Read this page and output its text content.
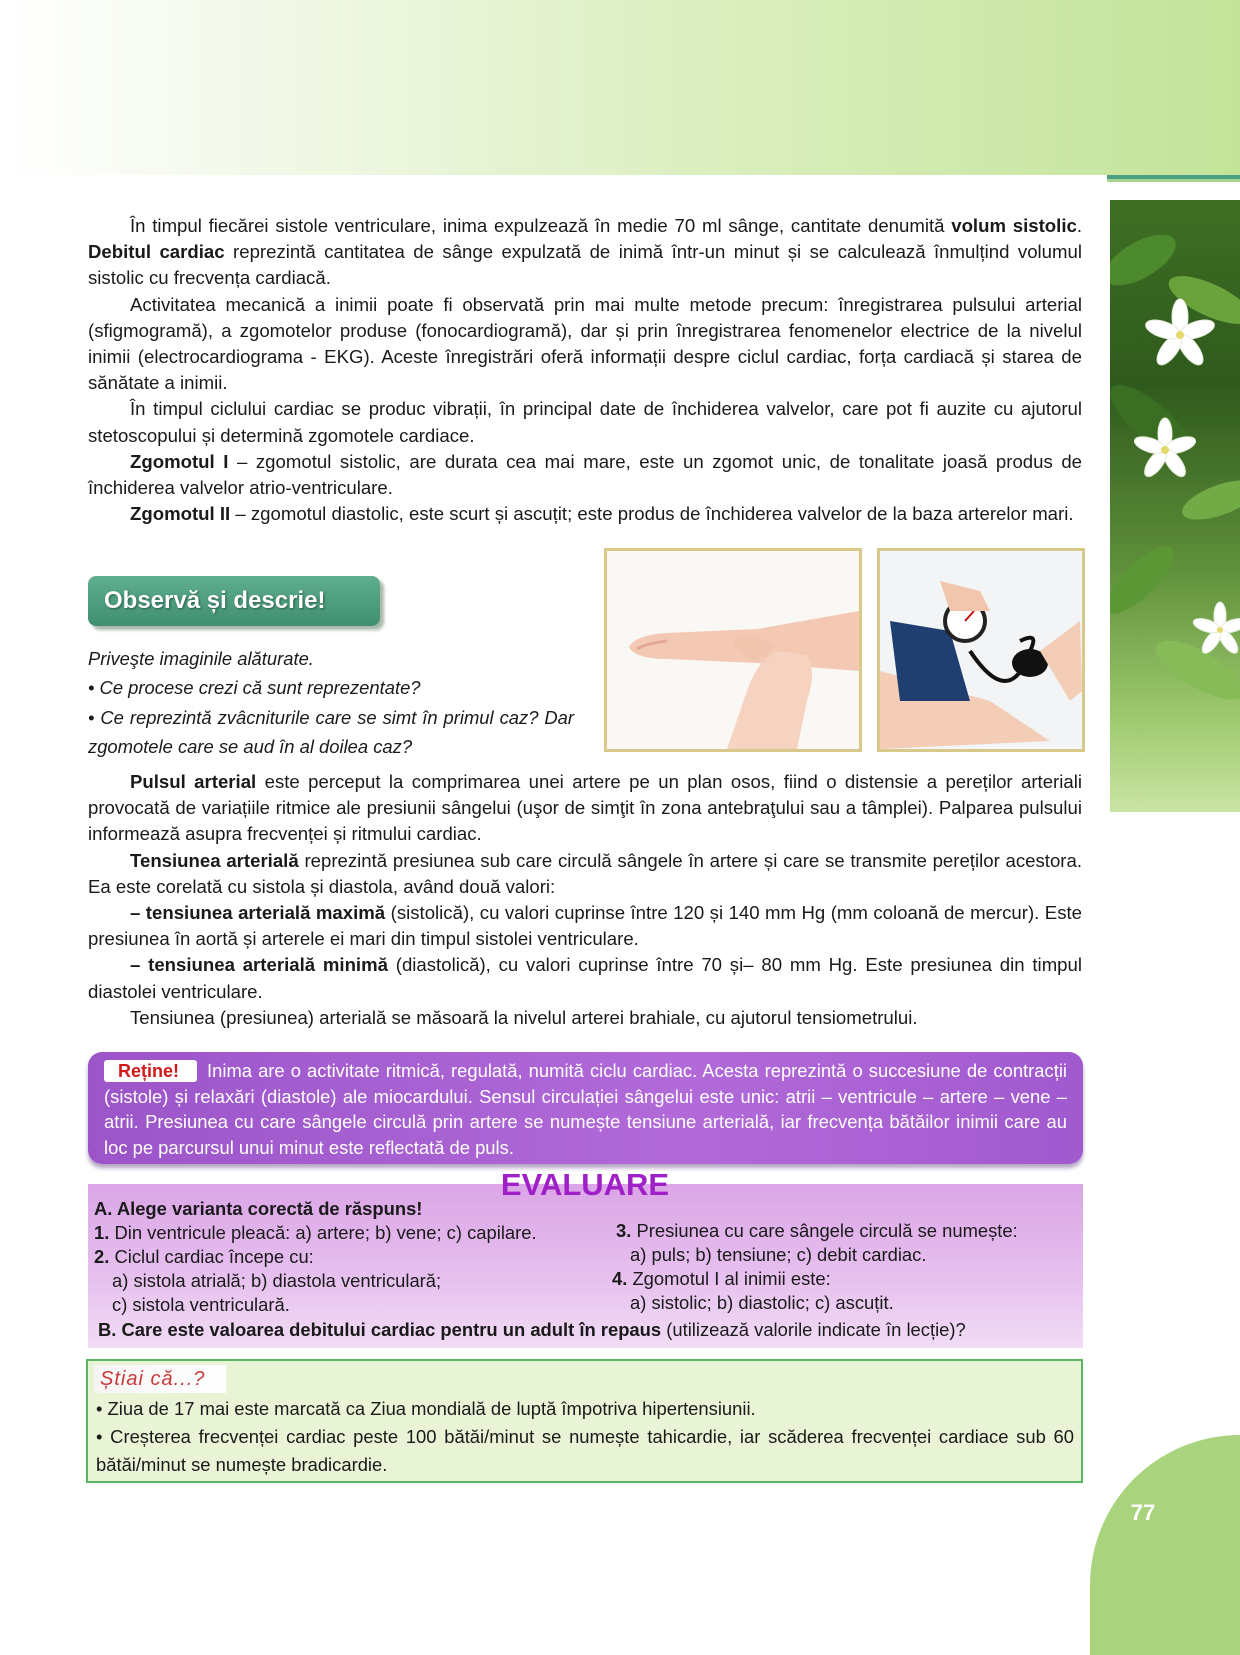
77

În timpul fiecărei sistole ventriculare, inima expulzează în medie 70 ml sânge, cantitate denumită volum sistolic. Debitul cardiac reprezintă cantitatea de sânge expulzată de inimă într-un minut și se calculează înmulțind volumul sistolic cu frecvența cardiacă.

Activitatea mecanică a inimii poate fi observată prin mai multe metode precum: înregistrarea pulsului arterial (sfigmogramă), a zgomotelor produse (fonocardiogramă), dar și prin înregistrarea fenomenelor electrice de la nivelul inimii (electrocardiograma - EKG). Aceste înregistrări oferă informații despre ciclul cardiac, forța cardiacă și starea de sănătate a inimii.

În timpul ciclului cardiac se produc vibrații, în principal date de închiderea valvelor, care pot fi auzite cu ajutorul stetoscopului și determină zgomotele cardiace.

Zgomotul I – zgomotul sistolic, are durata cea mai mare, este un zgomot unic, de tonalitate joasă produs de închiderea valvelor atrio-ventriculare.

Zgomotul II – zgomotul diastolic, este scurt și ascuțit; este produs de închiderea valvelor de la baza arterelor mari.

Observă și descrie!
Priveşte imaginile alăturate.
• Ce procese crezi că sunt reprezentate?
• Ce reprezintă zvâcniturile care se simt în primul caz? Dar zgomotele care se aud în al doilea caz?

Pulsul arterial este perceput la comprimarea unei artere pe un plan osos, fiind o distensie a pereților arteriali provocată de variațiile ritmice ale presiunii sângelui (uşor de simţit în zona antebraţului sau a tâmplei). Palparea pulsului informează asupra frecvenței și ritmului cardiac.

Tensiunea arterială reprezintă presiunea sub care circulă sângele în artere și care se transmite pereților acestora. Ea este corelată cu sistola și diastola, având două valori:

– tensiunea arterială maximă (sistolică), cu valori cuprinse între 120 și 140 mm Hg (mm coloană de mercur). Este presiunea în aortă și arterele ei mari din timpul sistolei ventriculare.

– tensiunea arterială minimă (diastolică), cu valori cuprinse între 70 și– 80 mm Hg. Este presiunea din timpul diastolei ventriculare.

Tensiunea (presiunea) arterială se măsoară la nivelul arterei brahiale, cu ajutorul tensiometrului.

Reține! Inima are o activitate ritmică, regulată, numită ciclu cardiac. Acesta reprezintă o succesiune de contracții (sistole) și relaxări (diastole) ale miocardului. Sensul circulației sângelui este unic: atrii – ventricule – artere – vene – atrii. Presiunea cu care sângele circulă prin artere se numește tensiune arterială, iar frecvența bătăilor inimii care au loc pe parcursul unui minut este reflectată de puls.
A. Alege varianta corectă de răspuns!
1. Din ventricule pleacă: a) artere; b) vene; c) capilare.
2. Ciclul cardiac începe cu:
a) sistola atrială; b) diastola ventriculară;
c) sistola ventriculară.
3. Presiunea cu care sângele circulă se numește:
a) puls; b) tensiune; c) debit cardiac.
4. Zgomotul I al inimii este:
a) sistolic; b) diastolic; c) ascuțit.
B. Care este valoarea debitului cardiac pentru un adult în repaus (utilizează valorile indicate în lecție)?
EVALUARE
Știai că...?
• Ziua de 17 mai este marcată ca Ziua mondială de luptă împotriva hipertensiunii.
• Creșterea frecvenței cardiac peste 100 bătăi/minut se numește tahicardie, iar scăderea frecvenței cardiace sub 60 bătăi/minut se numește bradicardie.
